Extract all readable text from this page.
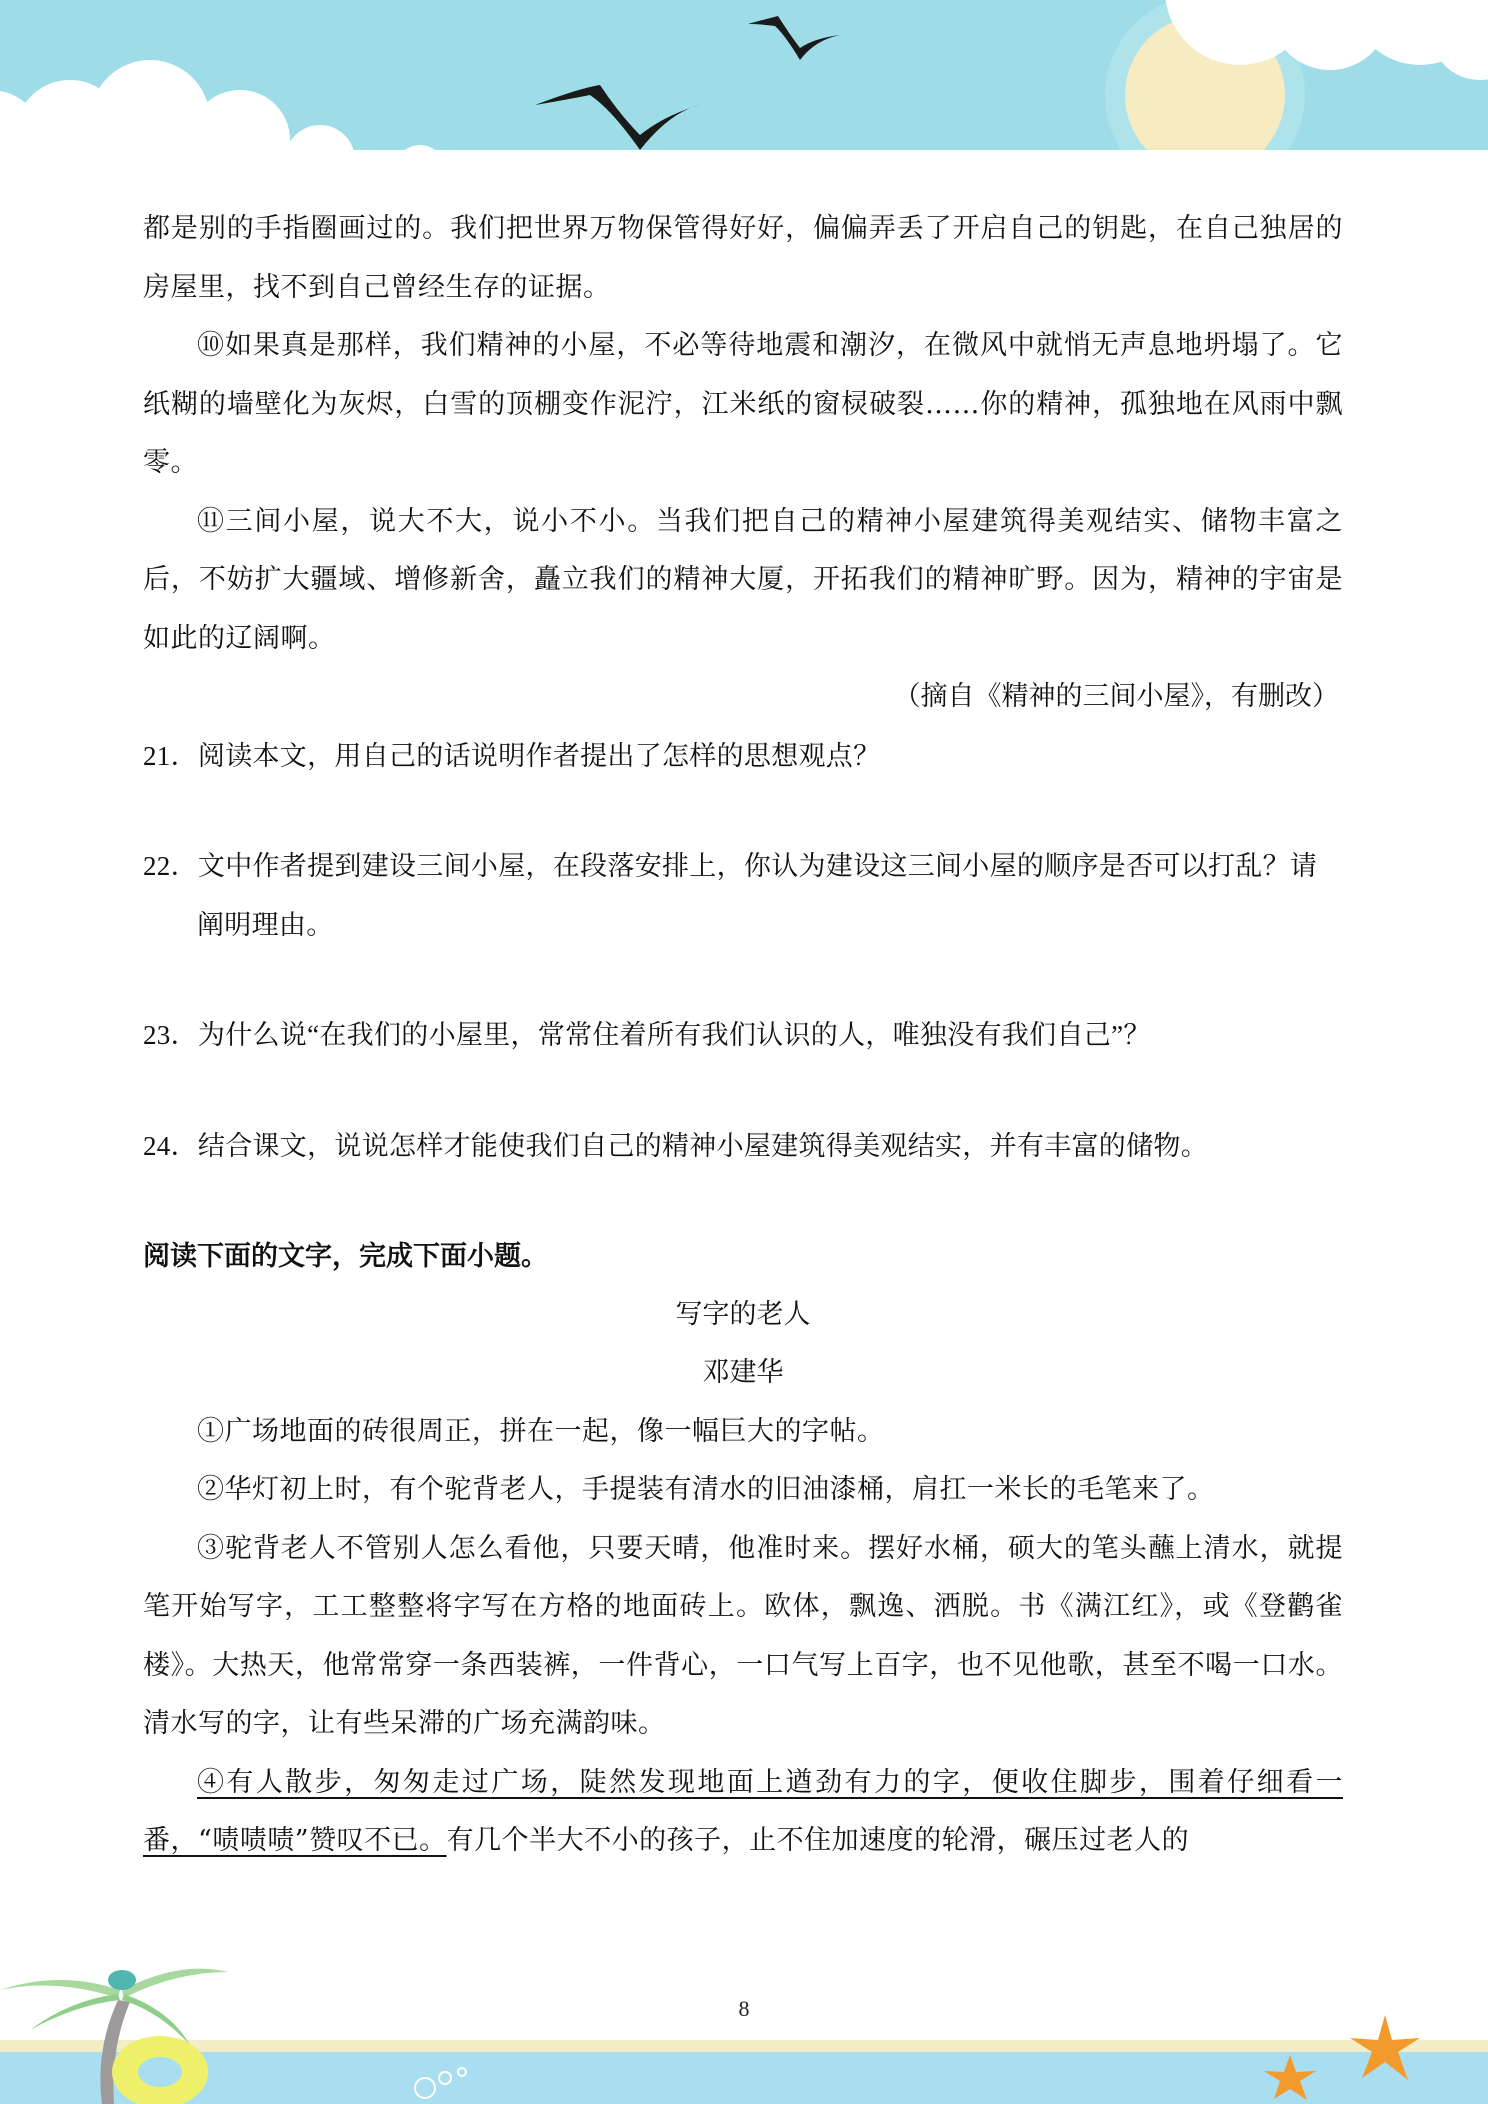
都是别的手指圈画过的。我们把世界万物保管得好好，偏偏弄丢了开启自己的钥匙，在自己独居的房屋里，找不到自己曾经生存的证据。

⑩如果真是那样，我们精神的小屋，不必等待地震和潮汐，在微风中就悄无声息地坍塌了。它纸糊的墙壁化为灰烬，白雪的顶棚变作泥泞，江米纸的窗棂破裂……你的精神，孤独地在风雨中飘零。

⑪三间小屋，说大不大，说小不小。当我们把自己的精神小屋建筑得美观结实、储物丰富之后，不妨扩大疆域、增修新舍，矗立我们的精神大厦，开拓我们的精神旷野。因为，精神的宇宙是如此的辽阔啊。

（摘自《精神的三间小屋》，有删改）

21．阅读本文，用自己的话说明作者提出了怎样的思想观点？

22．文中作者提到建设三间小屋，在段落安排上，你认为建设这三间小屋的顺序是否可以打乱？请阐明理由。

23．为什么说“在我们的小屋里，常常住着所有我们认识的人，唯独没有我们自己”？

24．结合课文，说说怎样才能使我们自己的精神小屋建筑得美观结实，并有丰富的储物。

阅读下面的文字，完成下面小题。

写字的老人

邓建华

①广场地面的砖很周正，拼在一起，像一幅巨大的字帖。

②华灯初上时，有个驼背老人，手提装有清水的旧油漆桶，肩扛一米长的毛笔来了。

③驼背老人不管别人怎么看他，只要天晴，他准时来。摆好水桶，硕大的笔头蘸上清水，就提笔开始写字，工工整整将字写在方格的地面砖上。欧体，飘逸、洒脱。书《满江红》，或《登鹳雀楼》。大热天，他常常穿一条西装裤，一件背心，一口气写上百字，也不见他歌，甚至不喝一口水。清水写的字，让有些呆滞的广场充满韵味。

④有人散步，匆匆走过广场，陡然发现地面上遒劲有力的字，便收住脚步，围着仔细看一番，“啧啧啧”赞叹不已。有几个半大不小的孩子，止不住加速度的轮滑，碾压过老人的

8
